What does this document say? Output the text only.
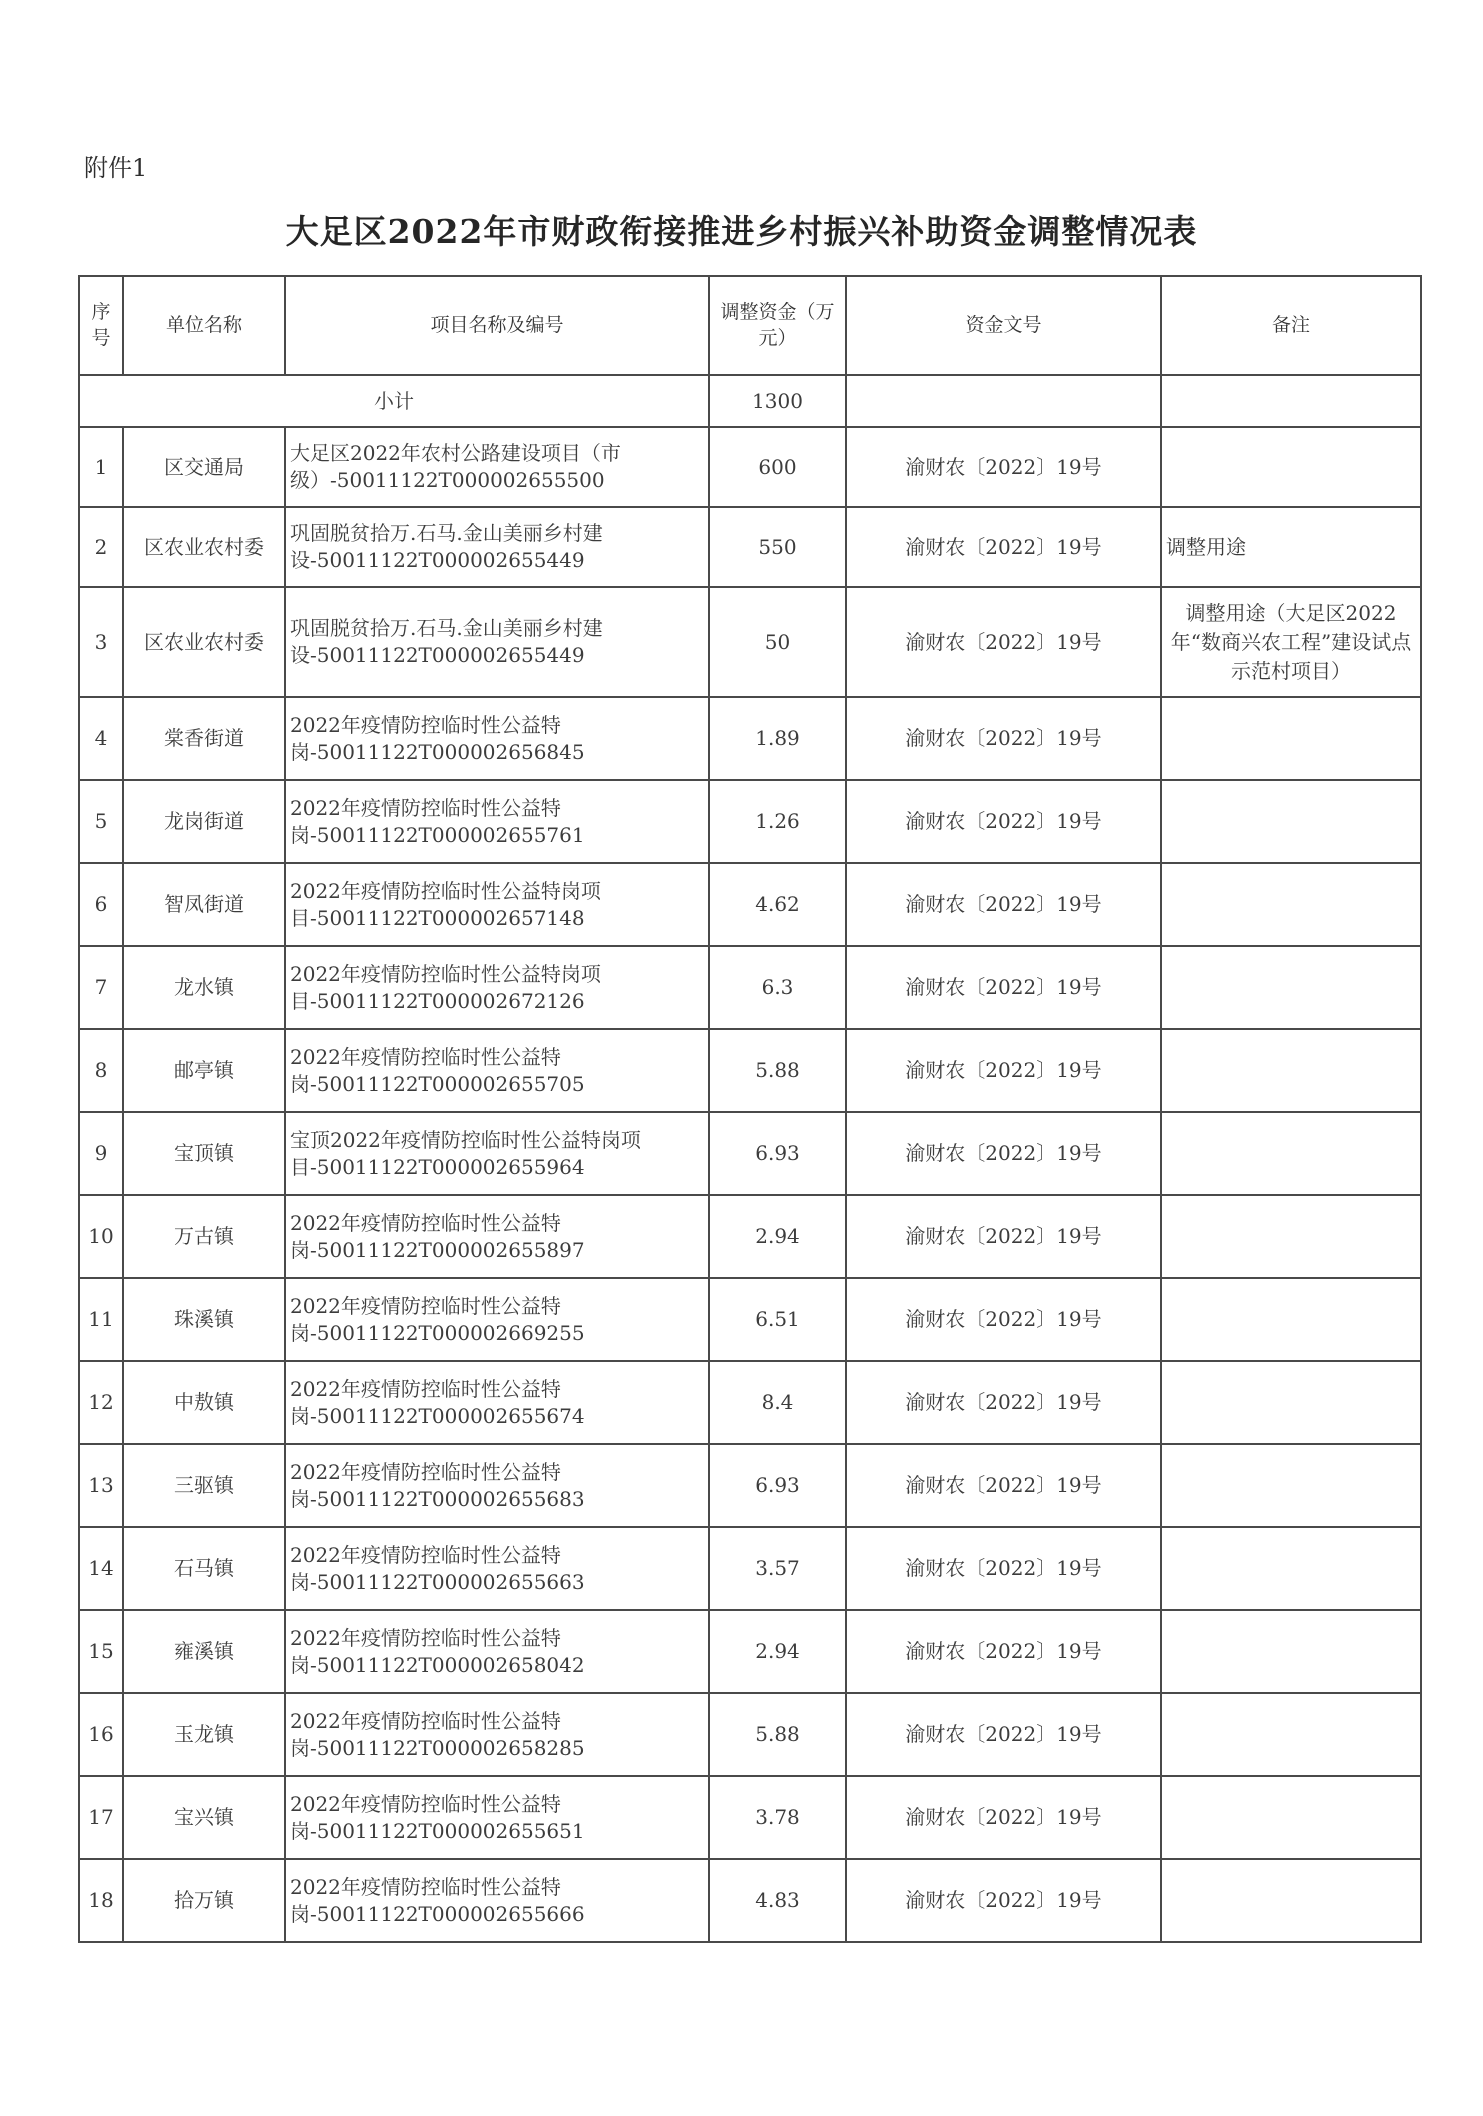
附件1
大足区2022年市财政衔接推进乡村振兴补助资金调整情况表
序号	单位名称	项目名称及编号	调整资金（万元）	资金文号	备注
小计			1300		
1	区交通局	大足区2022年农村公路建设项目（市级）-50011122T000002655500	600	渝财农〔2022〕19号	
2	区农业农村委	巩固脱贫拾万.石马.金山美丽乡村建设-50011122T000002655449	550	渝财农〔2022〕19号	调整用途
3	区农业农村委	巩固脱贫拾万.石马.金山美丽乡村建设-50011122T000002655449	50	渝财农〔2022〕19号	调整用途（大足区2022年“数商兴农工程”建设试点示范村项目）
4	棠香街道	2022年疫情防控临时性公益特岗-50011122T000002656845	1.89	渝财农〔2022〕19号	
5	龙岗街道	2022年疫情防控临时性公益特岗-50011122T000002655761	1.26	渝财农〔2022〕19号	
6	智凤街道	2022年疫情防控临时性公益特岗项目-50011122T000002657148	4.62	渝财农〔2022〕19号	
7	龙水镇	2022年疫情防控临时性公益特岗项目-50011122T000002672126	6.3	渝财农〔2022〕19号	
8	邮亭镇	2022年疫情防控临时性公益特岗-50011122T000002655705	5.88	渝财农〔2022〕19号	
9	宝顶镇	宝顶2022年疫情防控临时性公益特岗项目-50011122T000002655964	6.93	渝财农〔2022〕19号	
10	万古镇	2022年疫情防控临时性公益特岗-50011122T000002655897	2.94	渝财农〔2022〕19号	
11	珠溪镇	2022年疫情防控临时性公益特岗-50011122T000002669255	6.51	渝财农〔2022〕19号	
12	中敖镇	2022年疫情防控临时性公益特岗-50011122T000002655674	8.4	渝财农〔2022〕19号	
13	三驱镇	2022年疫情防控临时性公益特岗-50011122T000002655683	6.93	渝财农〔2022〕19号	
14	石马镇	2022年疫情防控临时性公益特岗-50011122T000002655663	3.57	渝财农〔2022〕19号	
15	雍溪镇	2022年疫情防控临时性公益特岗-50011122T000002658042	2.94	渝财农〔2022〕19号	
16	玉龙镇	2022年疫情防控临时性公益特岗-50011122T000002658285	5.88	渝财农〔2022〕19号	
17	宝兴镇	2022年疫情防控临时性公益特岗-50011122T000002655651	3.78	渝财农〔2022〕19号	
18	拾万镇	2022年疫情防控临时性公益特岗-50011122T000002655666	4.83	渝财农〔2022〕19号	
